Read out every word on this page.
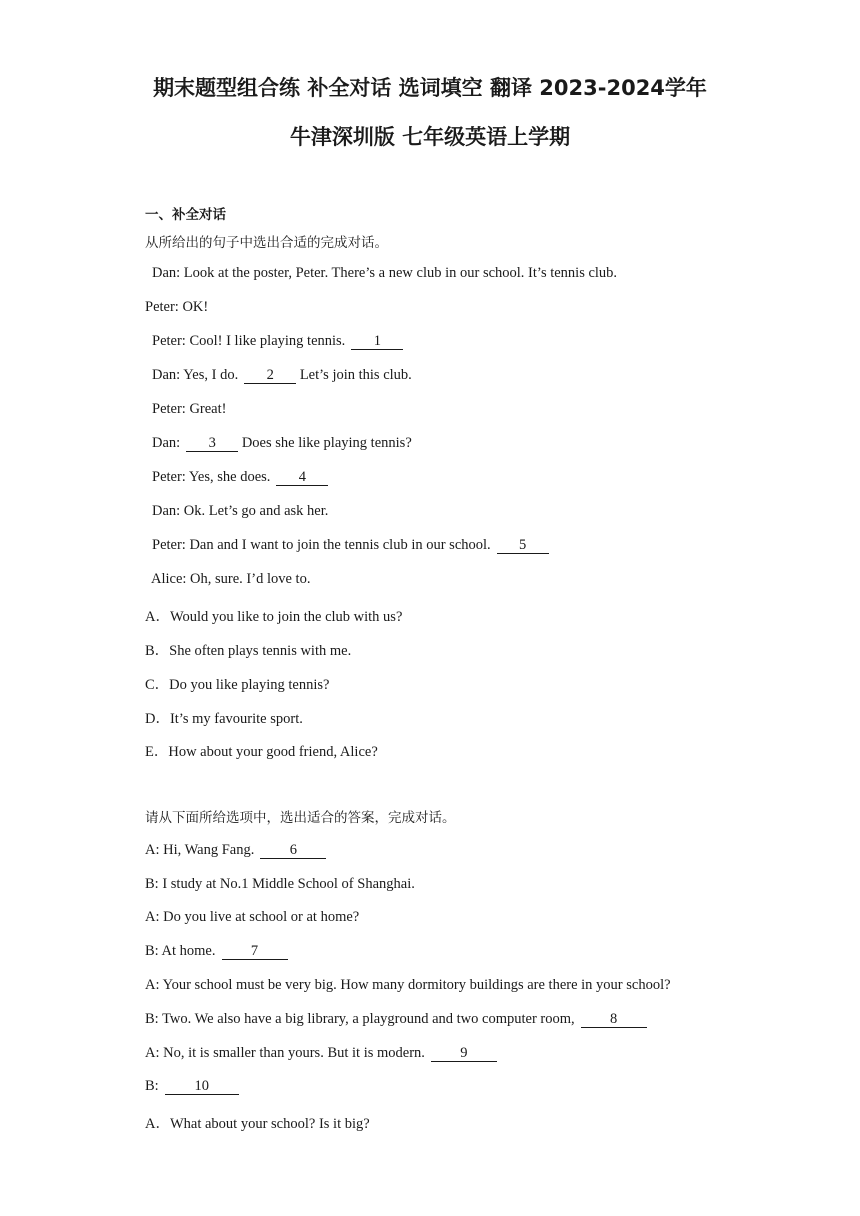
期末题型组合练 补全对话 选词填空 翻译 2023-2024学年
牛津深圳版 七年级英语上学期
一、补全对话
从所给出的句子中选出合适的完成对话。
Dan: Look at the poster, Peter. There’s a new club in our school. It’s tennis club.
Peter: OK!
Peter: Cool! I like playing tennis. 1
Dan: Yes, I do. 2 Let’s join this club.
Peter: Great!
Dan: 3 Does she like playing tennis?
Peter: Yes, she does. 4
Dan: Ok. Let’s go and ask her.
Peter: Dan and I want to join the tennis club in our school. 5
Alice: Oh, sure. I’d love to.
A．Would you like to join the club with us?
B．She often plays tennis with me.
C．Do you like playing tennis?
D．It’s my favourite sport.
E．How about your good friend, Alice?
请从下面所给选项中，选出适合的答案，完成对话。
A: Hi, Wang Fang. 6
B: I study at No.1 Middle School of Shanghai.
A: Do you live at school or at home?
B: At home. 7
A: Your school must be very big. How many dormitory buildings are there in your school?
B: Two. We also have a big library, a playground and two computer room, 8
A: No, it is smaller than yours. But it is modern. 9
B: 10
A．What about your school? Is it big?
